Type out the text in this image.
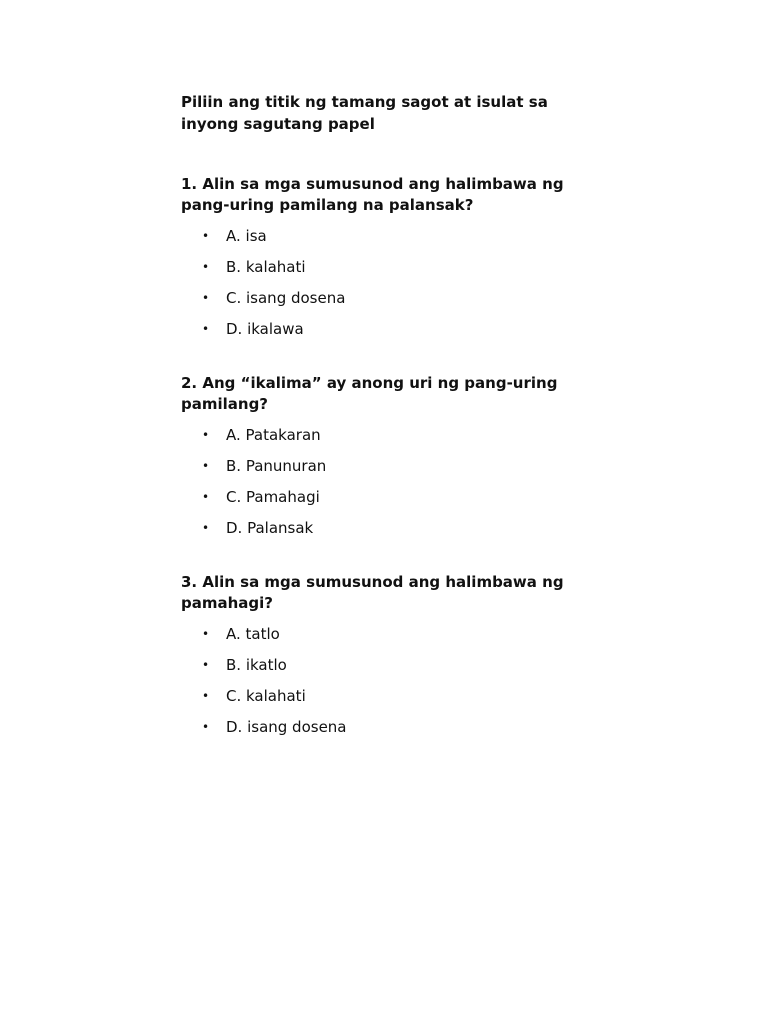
Piliin ang titik ng tamang sagot at isulat sa inyong sagutang papel

1. Alin sa mga sumusunod ang halimbawa ng pang-uring pamilang na palansak?

• A. isa
• B. kalahati
• C. isang dosena
• D. ikalawa

2. Ang “ikalima” ay anong uri ng pang-uring pamilang?

• A. Patakaran
• B. Panunuran
• C. Pamahagi
• D. Palansak

3. Alin sa mga sumusunod ang halimbawa ng pamahagi?

• A. tatlo
• B. ikatlo
• C. kalahati
• D. isang dosena
